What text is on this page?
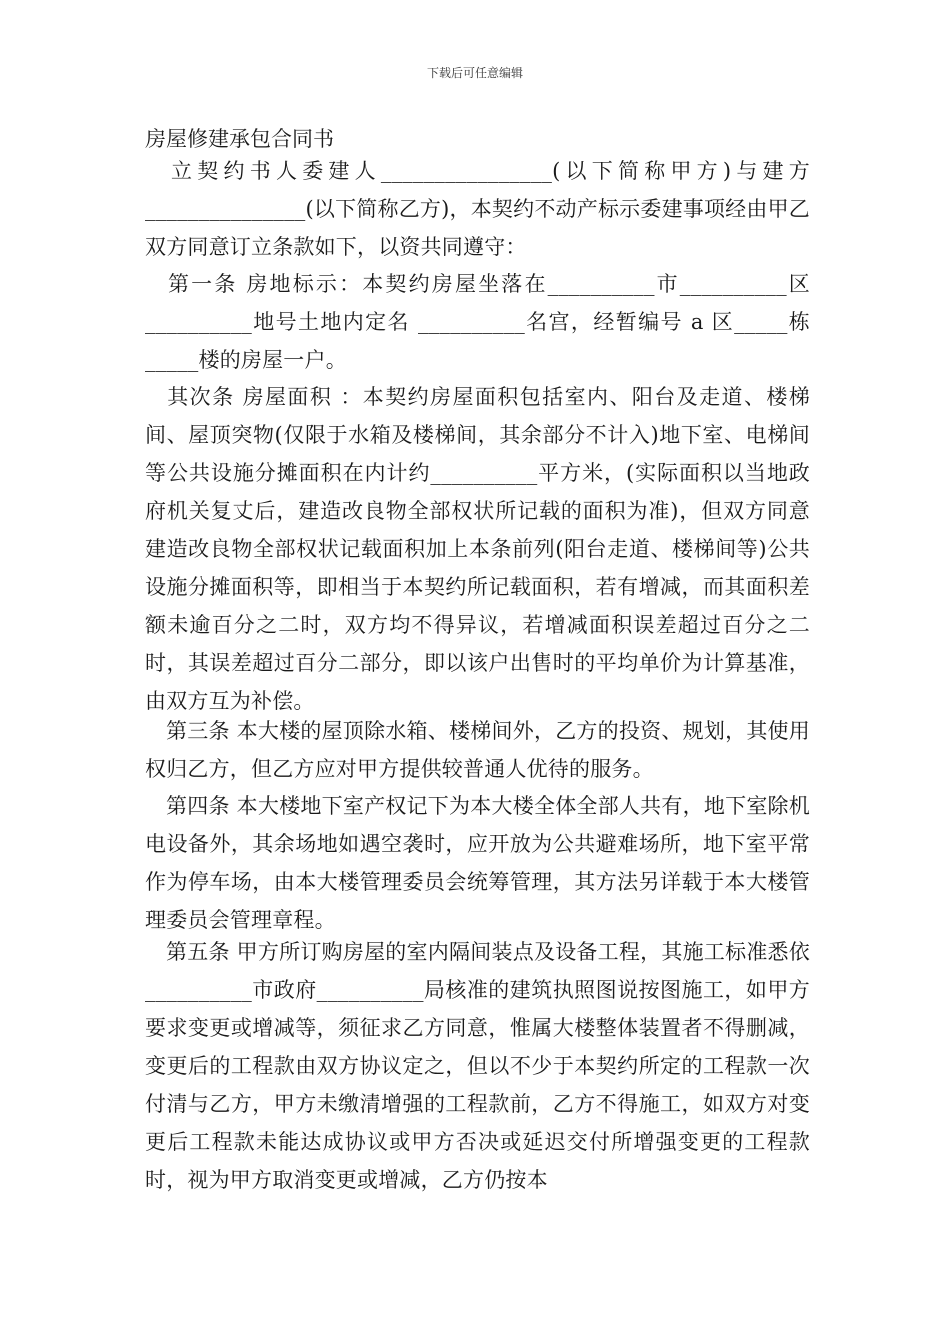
下载后可任意编辑
房屋修建承包合同书

立契约书人委建人________________(以下简称甲方)与建方_______________(以下简称乙方)，本契约不动产标示委建事项经由甲乙双方同意订立条款如下，以资共同遵守：

第一条 房地标示：本契约房屋坐落在__________市__________区__________地号土地内定名 __________名宫，经暂编号 a 区_____栋_____楼的房屋一户。

其次条 房屋面积 ：本契约房屋面积包括室内、阳台及走道、楼梯间、屋顶突物(仅限于水箱及楼梯间，其余部分不计入)地下室、电梯间等公共设施分摊面积在内计约__________平方米，(实际面积以当地政府机关复丈后，建造改良物全部权状所记载的面积为准)，但双方同意建造改良物全部权状记载面积加上本条前列(阳台走道、楼梯间等)公共设施分摊面积等，即相当于本契约所记载面积，若有增减，而其面积差额未逾百分之二时，双方均不得异议，若增减面积误差超过百分之二时，其误差超过百分二部分，即以该户出售时的平均单价为计算基准，由双方互为补偿。

第三条 本大楼的屋顶除水箱、楼梯间外，乙方的投资、规划，其使用权归乙方，但乙方应对甲方提供较普通人优待的服务。

第四条 本大楼地下室产权记下为本大楼全体全部人共有，地下室除机电设备外，其余场地如遇空袭时，应开放为公共避难场所，地下室平常作为停车场，由本大楼管理委员会统筹管理，其方法另详载于本大楼管理委员会管理章程。

第五条 甲方所订购房屋的室内隔间装点及设备工程，其施工标准悉依__________市政府__________局核准的建筑执照图说按图施工，如甲方要求变更或增减等，须征求乙方同意，惟属大楼整体装置者不得删减，变更后的工程款由双方协议定之，但以不少于本契约所定的工程款一次付清与乙方，甲方未缴清增强的工程款前，乙方不得施工，如双方对变更后工程款未能达成协议或甲方否决或延迟交付所增强变更的工程款时，视为甲方取消变更或增减，乙方仍按本
